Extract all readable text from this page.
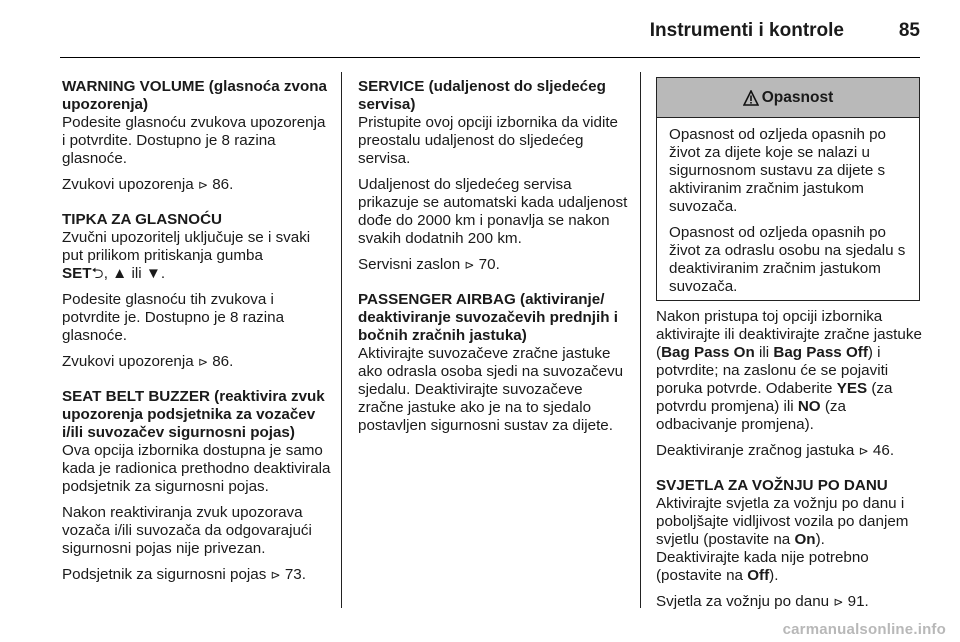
Instrumenti i kontrole	85
WARNING VOLUME (glasnoća zvona upozorenja)

Podesite glasnoću zvukova upozorenja i potvrdite. Dostupno je 8 razina glasnoće.

Zvukovi upozorenja ⊳ 86.

TIPKA ZA GLASNOĆU

Zvučni upozoritelj uključuje se i svaki put prilikom pritiskanja gumba
SET⮌, ▲ ili ▼.

Podesite glasnoću tih zvukova i potvrdite je. Dostupno je 8 razina glasnoće.

Zvukovi upozorenja ⊳ 86.

SEAT BELT BUZZER (reaktivira zvuk upozorenja podsjetnika za vozačev i/ili suvozačev sigurnosni pojas)

Ova opcija izbornika dostupna je samo kada je radionica prethodno deaktivirala podsjetnik za sigurnosni pojas.

Nakon reaktiviranja zvuk upozorava vozača i/ili suvozača da odgovarajući sigurnosni pojas nije privezan.

Podsjetnik za sigurnosni pojas ⊳ 73.

SERVICE (udaljenost do sljedećeg servisa)

Pristupite ovoj opciji izbornika da vidite preostalu udaljenost do sljedećeg servisa.

Udaljenost do sljedećeg servisa prikazuje se automatski kada udaljenost dođe do 2000 km i ponavlja se nakon svakih dodatnih 200 km.

Servisni zaslon ⊳ 70.

PASSENGER AIRBAG (aktiviranje/ deaktiviranje suvozačevih prednjih i bočnih zračnih jastuka)

Aktivirajte suvozačeve zračne jastuke ako odrasla osoba sjedi na suvozačevu sjedalu. Deaktivirajte suvozačeve zračne jastuke ako je na to sjedalo postavljen sigurnosni sustav za dijete.

Opasnost

Opasnost od ozljeda opasnih po život za dijete koje se nalazi u sigurnosnom sustavu za dijete s aktiviranim zračnim jastukom suvozača.

Opasnost od ozljeda opasnih po život za odraslu osobu na sjedalu s deaktiviranim zračnim jastukom suvozača.

Nakon pristupa toj opciji izbornika aktivirajte ili deaktivirajte zračne jastuke (Bag Pass On ili Bag Pass Off) i potvrdite; na zaslonu će se pojaviti poruka potvrde. Odaberite YES (za potvrdu promjena) ili NO (za odbacivanje promjena).

Deaktiviranje zračnog jastuka ⊳ 46.

SVJETLA ZA VOŽNJU PO DANU

Aktivirajte svjetla za vožnju po danu i poboljšajte vidljivost vozila po danjem svjetlu (postavite na On).

Deaktivirajte kada nije potrebno (postavite na Off).

Svjetla za vožnju po danu ⊳ 91.

carmanualsonline.info
